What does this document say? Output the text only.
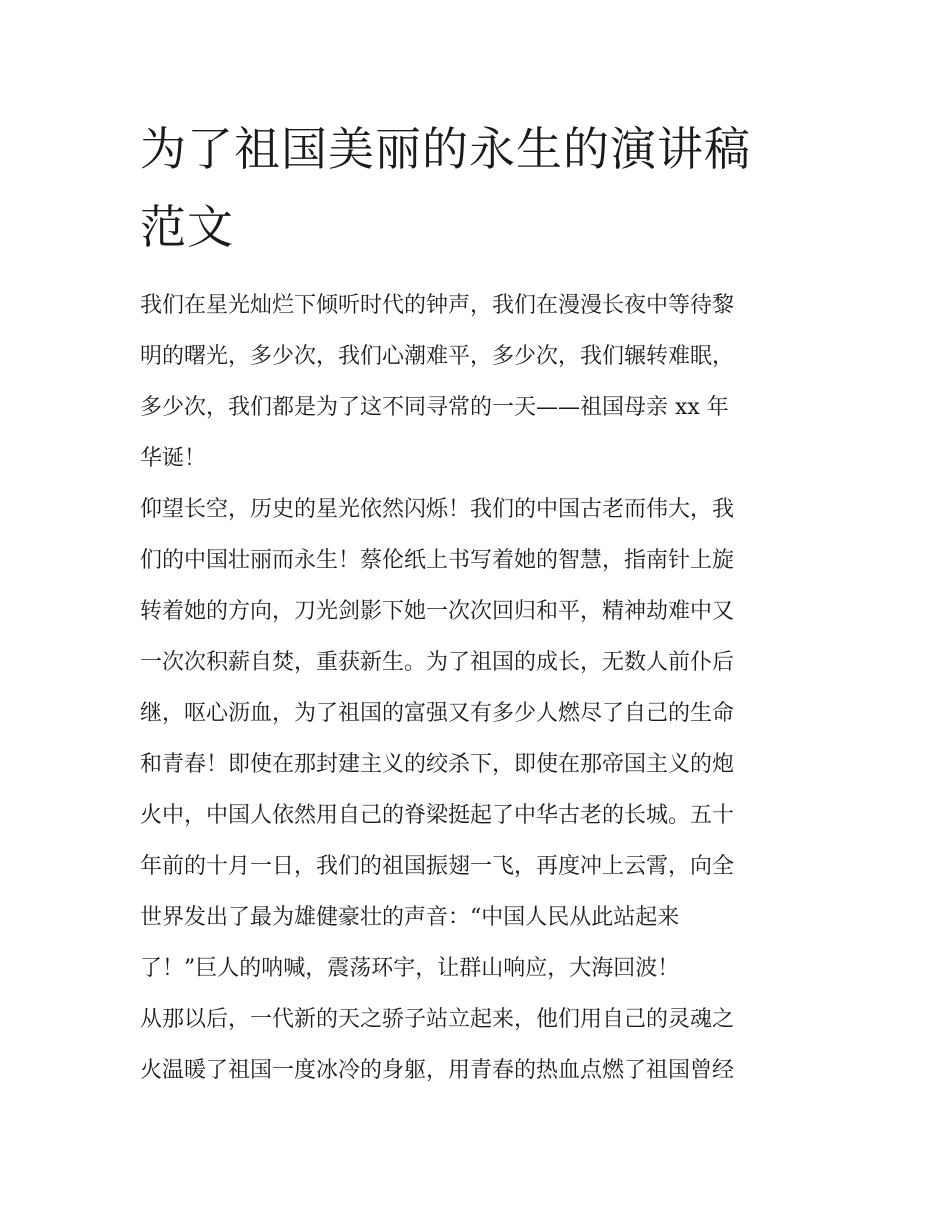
为了祖国美丽的永生的演讲稿
范文
我们在星光灿烂下倾听时代的钟声，我们在漫漫长夜中等待黎
明的曙光，多少次，我们心潮难平，多少次，我们辗转难眠，
多少次，我们都是为了这不同寻常的一天——祖国母亲 xx 年
华诞！
仰望长空，历史的星光依然闪烁！我们的中国古老而伟大，我
们的中国壮丽而永生！蔡伦纸上书写着她的智慧，指南针上旋
转着她的方向，刀光剑影下她一次次回归和平，精神劫难中又
一次次积薪自焚，重获新生。为了祖国的成长，无数人前仆后
继，呕心沥血，为了祖国的富强又有多少人燃尽了自己的生命
和青春！即使在那封建主义的绞杀下，即使在那帝国主义的炮
火中，中国人依然用自己的脊梁挺起了中华古老的长城。五十
年前的十月一日，我们的祖国振翅一飞，再度冲上云霄，向全
世界发出了最为雄健豪壮的声音：“中国人民从此站起来
了！”巨人的呐喊，震荡环宇，让群山响应，大海回波！
从那以后，一代新的天之骄子站立起来，他们用自己的灵魂之
火温暖了祖国一度冰冷的身躯，用青春的热血点燃了祖国曾经
